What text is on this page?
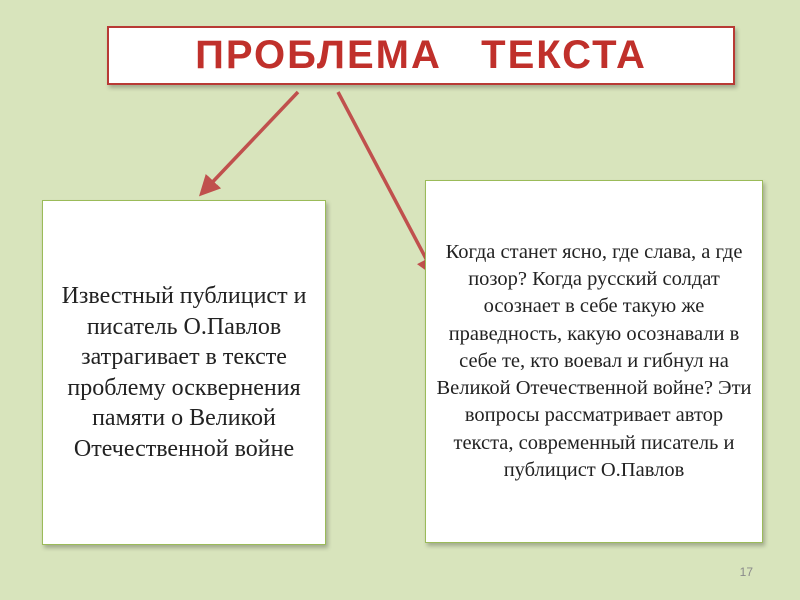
ПРОБЛЕМА   ТЕКСТА
Известный публицист и писатель О.Павлов затрагивает в тексте проблему осквернения памяти о Великой Отечественной войне
Когда станет ясно, где слава, а где позор? Когда русский солдат осознает в себе такую же праведность, какую осознавали в себе те, кто воевал и гибнул на Великой Отечественной войне? Эти вопросы рассматривает автор текста, современный писатель и публицист О.Павлов
17
